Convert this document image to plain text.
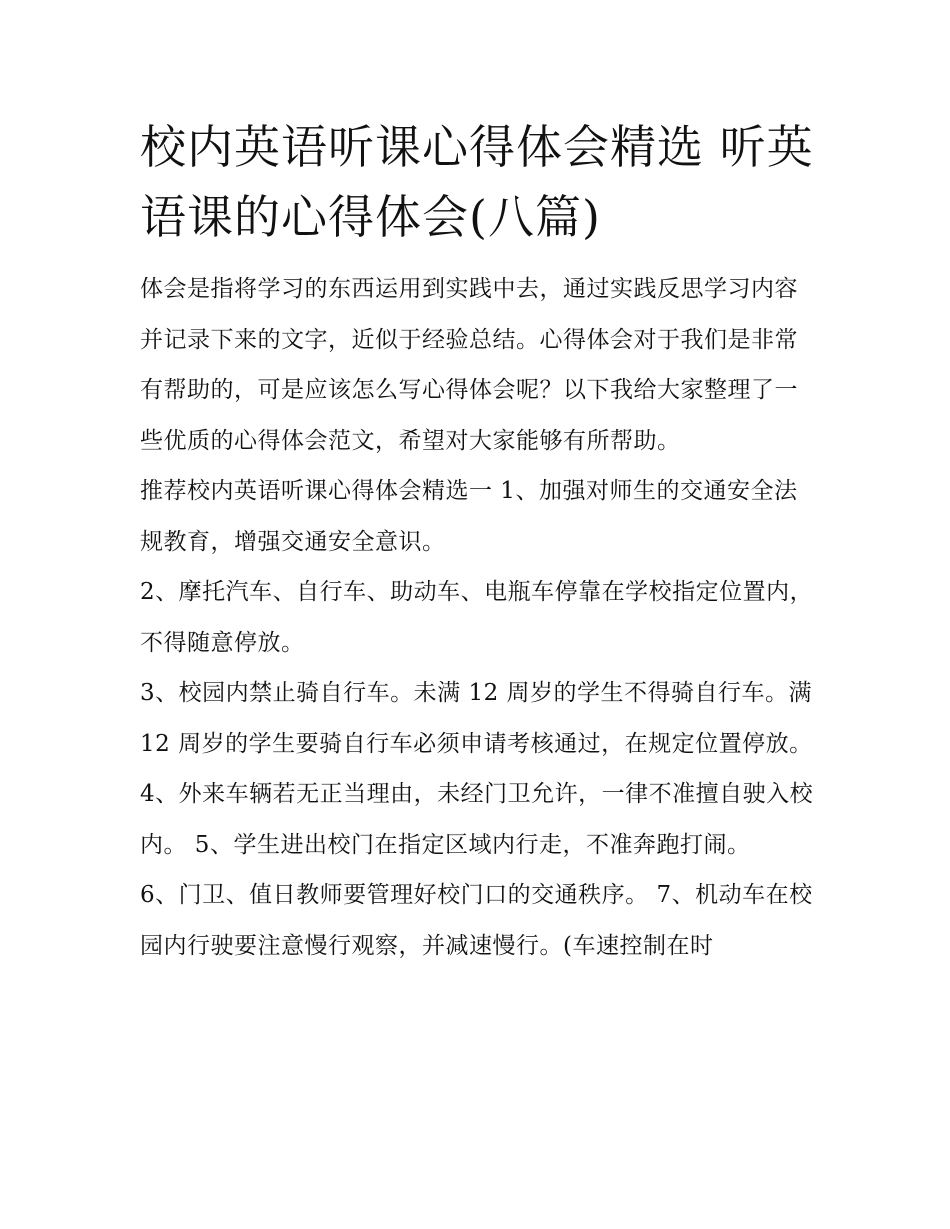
校内英语听课心得体会精选 听英语课的心得体会(八篇)

体会是指将学习的东西运用到实践中去，通过实践反思学习内容并记录下来的文字，近似于经验总结。心得体会对于我们是非常有帮助的，可是应该怎么写心得体会呢？以下我给大家整理了一些优质的心得体会范文，希望对大家能够有所帮助。

推荐校内英语听课心得体会精选一 1、加强对师生的交通安全法规教育，增强交通安全意识。

2、摩托汽车、自行车、助动车、电瓶车停靠在学校指定位置内，不得随意停放。

3、校园内禁止骑自行车。未满 12 周岁的学生不得骑自行车。满 12 周岁的学生要骑自行车必须申请考核通过，在规定位置停放。

4、外来车辆若无正当理由，未经门卫允许，一律不准擅自驶入校内。 5、学生进出校门在指定区域内行走，不准奔跑打闹。

6、门卫、值日教师要管理好校门口的交通秩序。 7、机动车在校园内行驶要注意慢行观察，并减速慢行。(车速控制在时
